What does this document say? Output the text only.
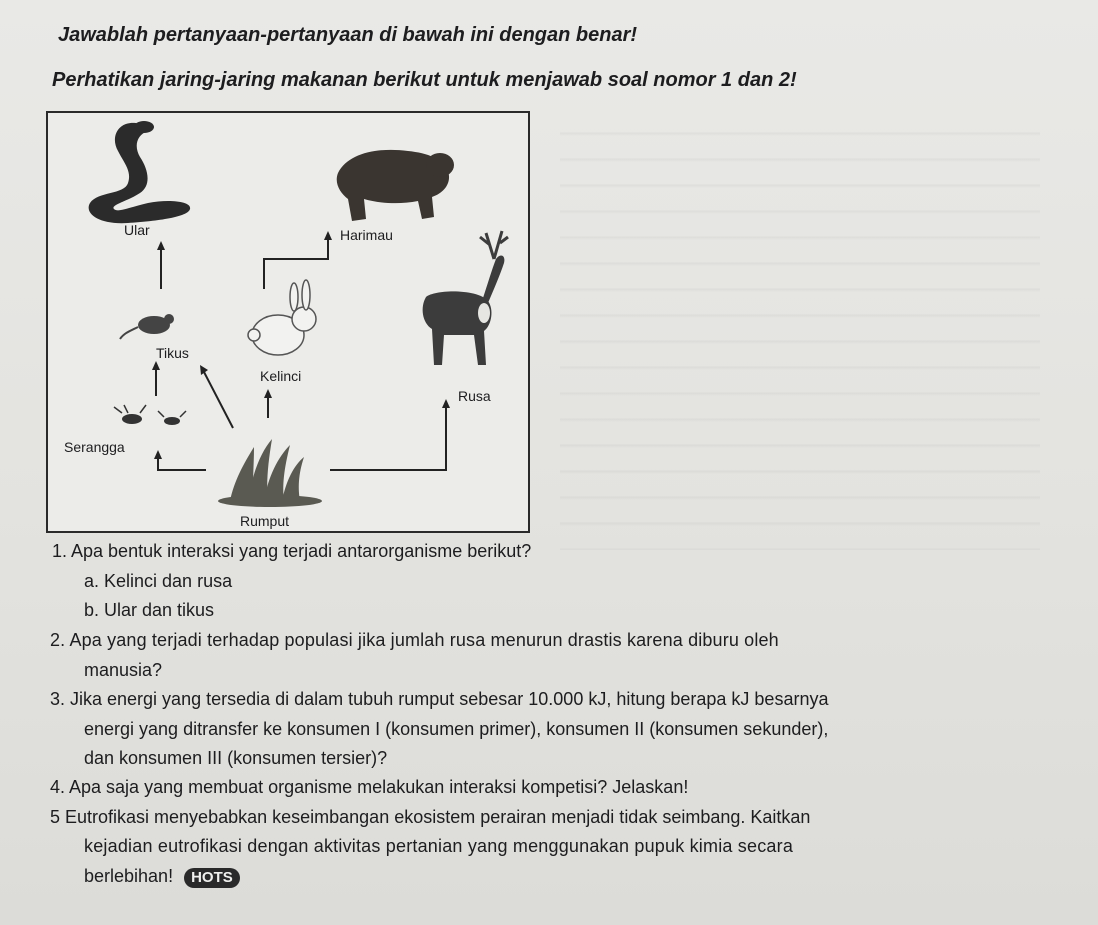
Jawablah pertanyaan-pertanyaan di bawah ini dengan benar!
Perhatikan jaring-jaring makanan berikut untuk menjawab soal nomor 1 dan 2!
Ular	Harimau
Tikus
Kelinci
Rusa
Serangga
Rumput
1. Apa bentuk interaksi yang terjadi antarorganisme berikut?
a. Kelinci dan rusa
b. Ular dan tikus
2. Apa yang terjadi terhadap populasi jika jumlah rusa menurun drastis karena diburu oleh
manusia?
3. Jika energi yang tersedia di dalam tubuh rumput sebesar 10.000 kJ, hitung berapa kJ besarnya
energi yang ditransfer ke konsumen I (konsumen primer), konsumen II (konsumen sekunder),
dan konsumen III (konsumen tersier)?
4. Apa saja yang membuat organisme melakukan interaksi kompetisi? Jelaskan!
5 Eutrofikasi menyebabkan keseimbangan ekosistem perairan menjadi tidak seimbang. Kaitkan
kejadian eutrofikasi dengan aktivitas pertanian yang menggunakan pupuk kimia secara
berlebihan! HOTS
